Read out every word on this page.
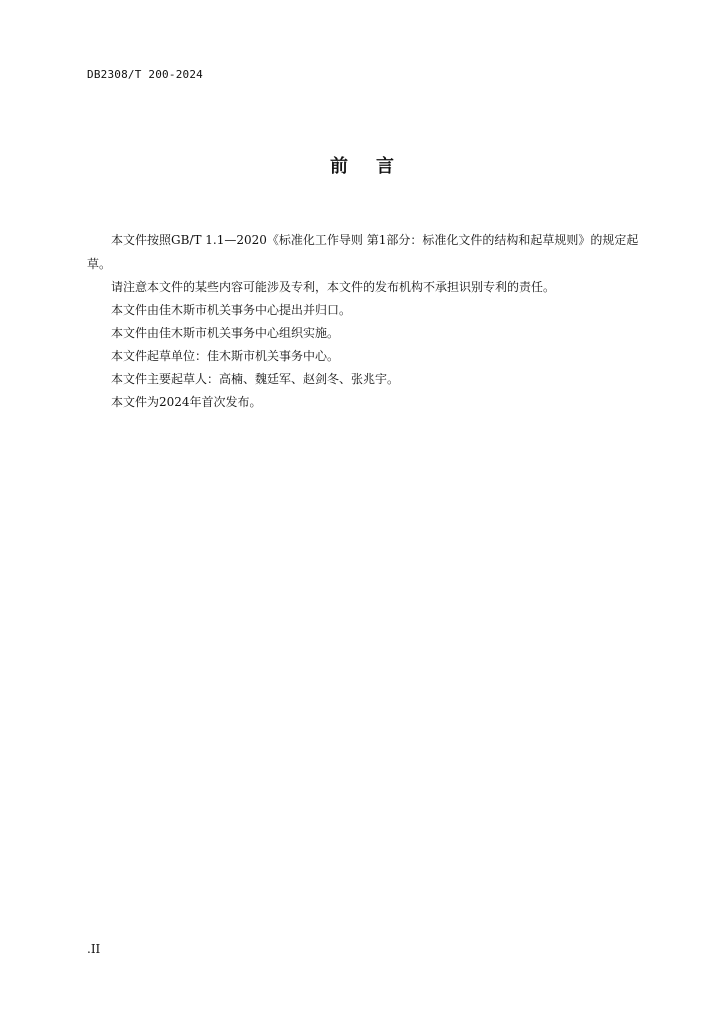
DB2308/T 200-2024
前 言

本文件按照GB/T 1.1—2020《标准化工作导则 第1部分：标准化文件的结构和起草规则》的规定起草。

请注意本文件的某些内容可能涉及专利，本文件的发布机构不承担识别专利的责任。

本文件由佳木斯市机关事务中心提出并归口。

本文件由佳木斯市机关事务中心组织实施。

本文件起草单位：佳木斯市机关事务中心。

本文件主要起草人：高楠、魏廷军、赵剑冬、张兆宇。

本文件为2024年首次发布。

.II
